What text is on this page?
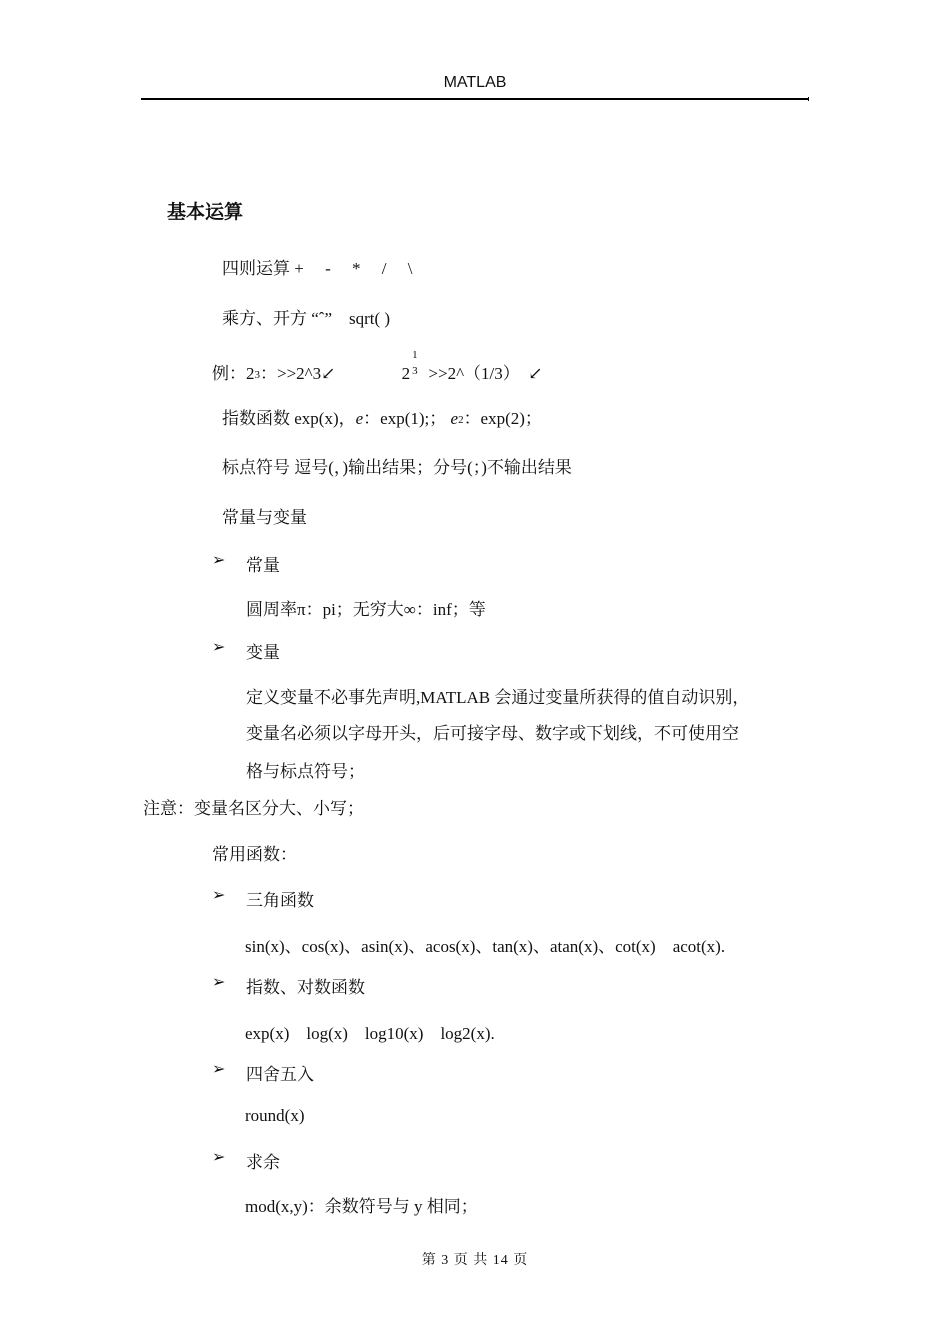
MATLAB
基本运算
四则运算 +　 -　 *　 /　 \
乘方、开方 “ˆ”　sqrt( )
例：23：>>2^3↙	2
1
3 >>2^（1/3）　↙
指数函数 exp(x)，e：exp(1);； e2：exp(2)；
标点符号 逗号(，)输出结果；分号(；)不输出结果
常量与变量
➢ 常量
圆周率π：pi；无穷大∞：inf；等
➢ 变量
定义变量不必事先声明,MATLAB 会通过变量所获得的值自动识别，
变量名必须以字母开头，后可接字母、数字或下划线，不可使用空
格与标点符号；
注意：变量名区分大、小写；
常用函数：
➢ 三角函数
sin(x)、cos(x)、asin(x)、acos(x)、tan(x)、atan(x)、cot(x)　acot(x).
➢ 指数、对数函数
exp(x)　log(x)　log10(x)　log2(x).
➢ 四舍五入
round(x)
➢ 求余
mod(x,y)：余数符号与 y 相同；
第 3 页 共 14 页
